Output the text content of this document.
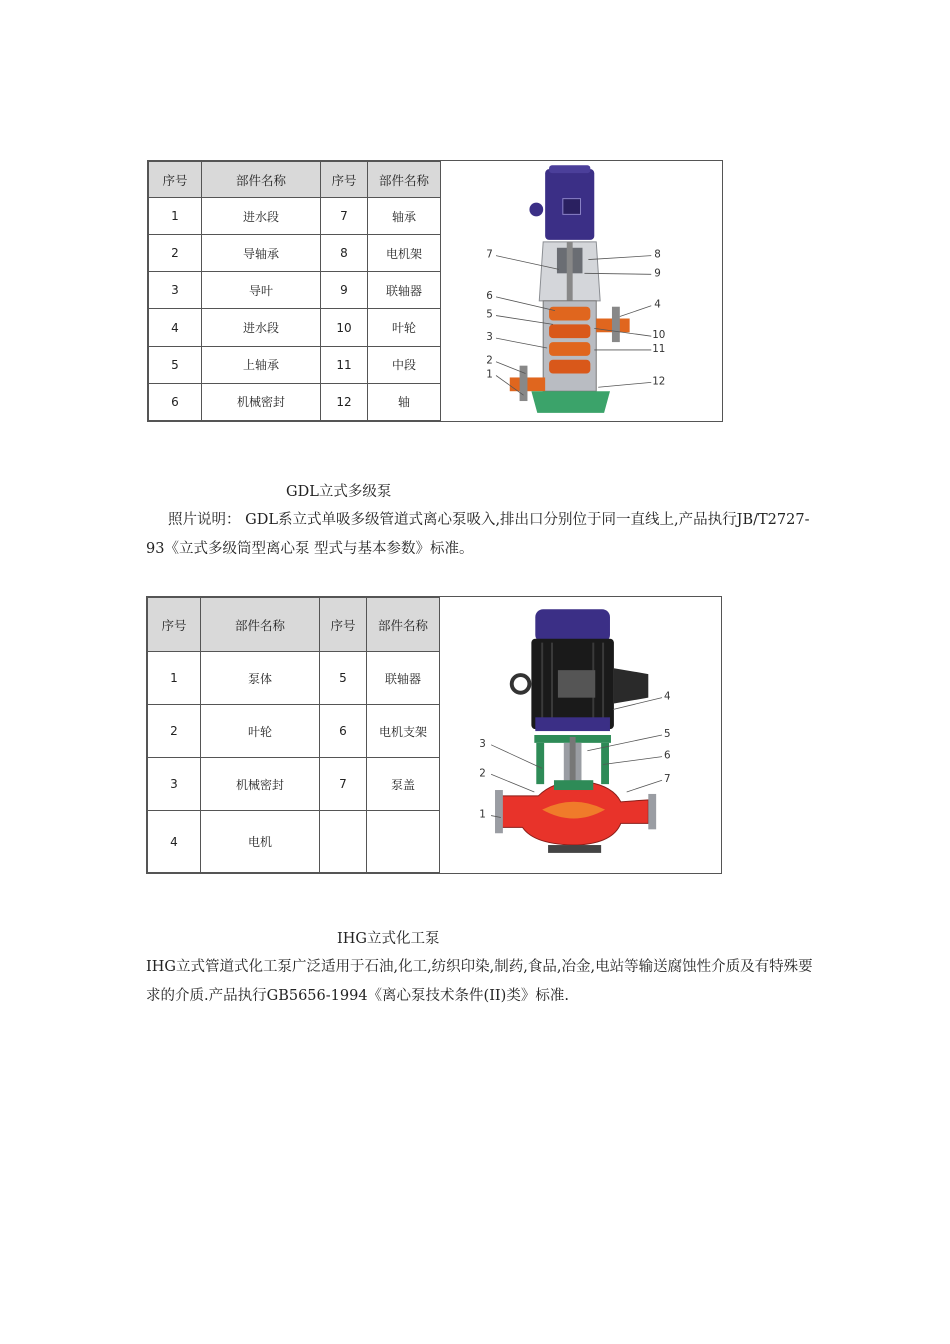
序号	部件名称	序号	部件名称
1	进水段	7	轴承
2	导轴承	8	电机架
3	导叶	9	联轴器
4	进水段	10	叶轮
5	上轴承	11	中段
6	机械密封	12	轴
7
6
5
3
2
1
8
9
4
10
11
12
GDL立式多级泵

照片说明： GDL系立式单吸多级管道式离心泵吸入,排出口分别位于同一直线上,产品执行JB/T2727-93《立式多级筒型离心泵 型式与基本参数》标准。

序号	部件名称	序号	部件名称
1	泵体	5	联轴器
2	叶轮	6	电机支架
3	机械密封	7	泵盖
4	电机		
3
2
1
4
5
6
7
IHG立式化工泵

IHG立式管道式化工泵广泛适用于石油,化工,纺织印染,制药,食品,冶金,电站等输送腐蚀性介质及有特殊要求的介质.产品执行GB5656-1994《离心泵技术条件(II)类》标准.
